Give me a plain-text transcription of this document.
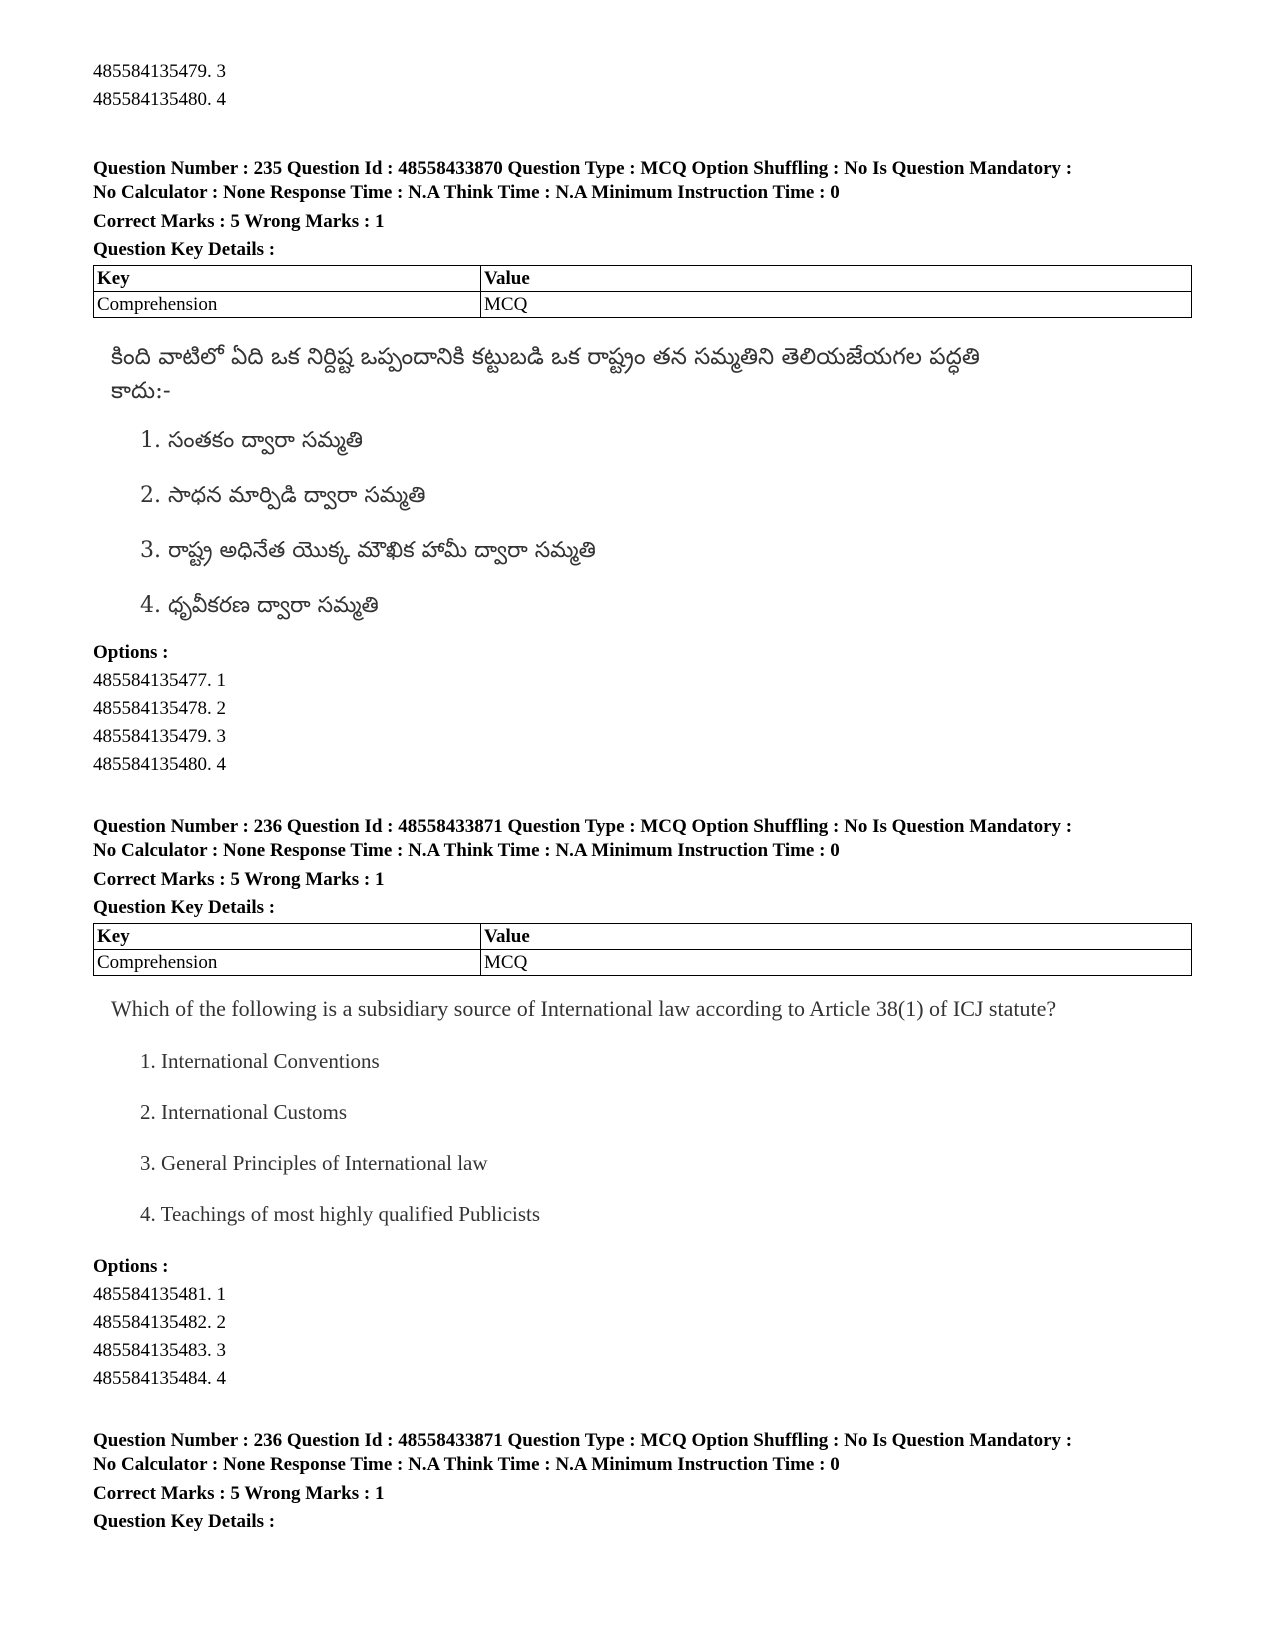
485584135479. 3
485584135480. 4
Question Number : 235 Question Id : 48558433870 Question Type : MCQ Option Shuffling : No Is Question Mandatory :
No Calculator : None Response Time : N.A Think Time : N.A Minimum Instruction Time : 0
Correct Marks : 5 Wrong Marks : 1
Question Key Details :
Key	Value
Comprehension	MCQ
కింది వాటిలో ఏది ఒక నిర్దిష్ట ఒప్పందానికి కట్టుబడి ఒక రాష్ట్రం తన సమ్మతిని తెలియజేయగల పద్ధతి
కాదు:-
1. సంతకం ద్వారా సమ్మతి
2. సాధన మార్పిడి ద్వారా సమ్మతి
3. రాష్ట్ర అధినేత యొక్క మౌఖిక హామీ ద్వారా సమ్మతి
4. ధృవీకరణ ద్వారా సమ్మతి
Options :
485584135477. 1
485584135478. 2
485584135479. 3
485584135480. 4
Question Number : 236 Question Id : 48558433871 Question Type : MCQ Option Shuffling : No Is Question Mandatory :
No Calculator : None Response Time : N.A Think Time : N.A Minimum Instruction Time : 0
Correct Marks : 5 Wrong Marks : 1
Question Key Details :
Key	Value
Comprehension	MCQ
Which of the following is a subsidiary source of International law according to Article 38(1) of ICJ statute?
1. International Conventions
2. International Customs
3. General Principles of International law
4. Teachings of most highly qualified Publicists
Options :
485584135481. 1
485584135482. 2
485584135483. 3
485584135484. 4
Question Number : 236 Question Id : 48558433871 Question Type : MCQ Option Shuffling : No Is Question Mandatory :
No Calculator : None Response Time : N.A Think Time : N.A Minimum Instruction Time : 0
Correct Marks : 5 Wrong Marks : 1
Question Key Details :
